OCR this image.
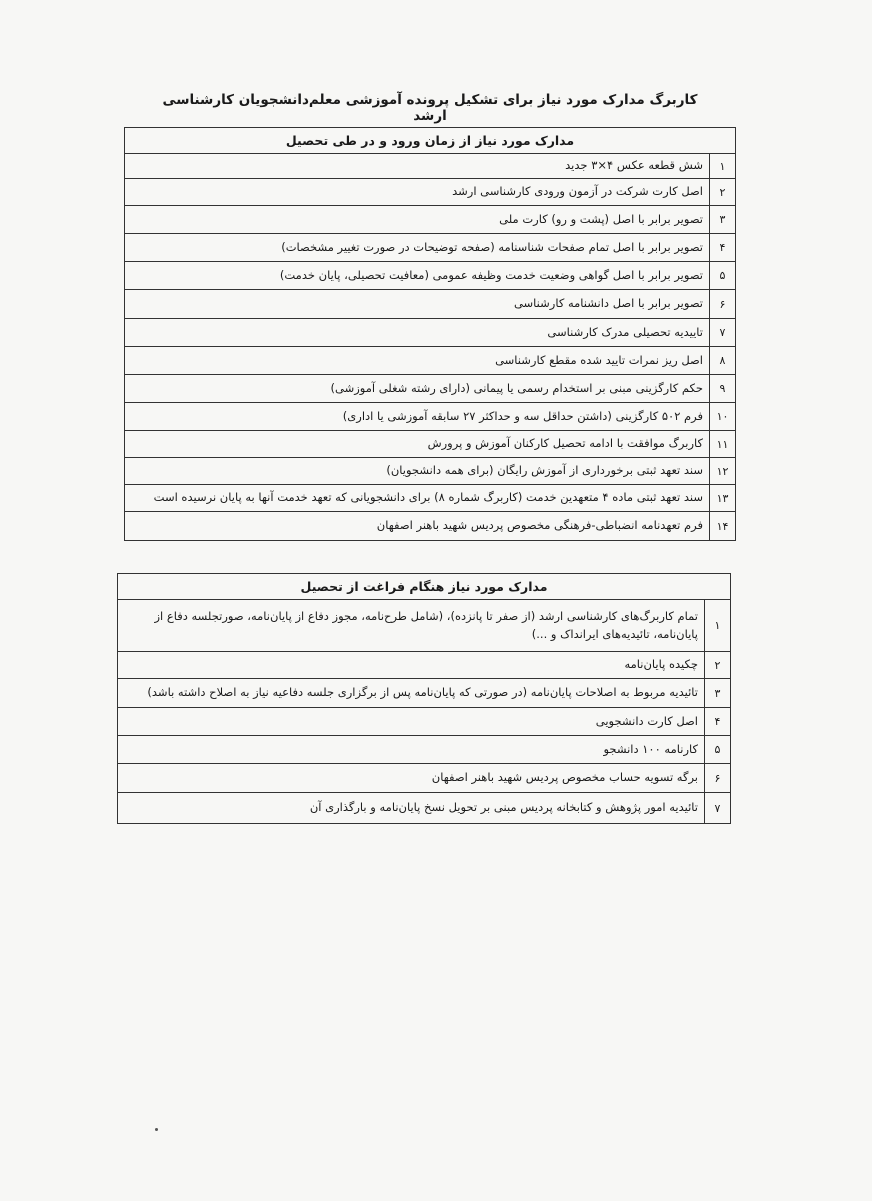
کاربرگ مدارک مورد نیاز برای تشکیل پرونده آموزشی معلم‌دانشجویان کارشناسی ارشد
مدارک مورد نیاز از زمان ورود و در طی تحصیل
۱
شش قطعه عکس ۴×۳ جدید
۲
اصل کارت شرکت در آزمون ورودی کارشناسی ارشد
۳
تصویر برابر با اصل (پشت و رو) کارت ملی
۴
تصویر برابر با اصل تمام صفحات شناسنامه (صفحه توضیحات در صورت تغییر مشخصات)
۵
تصویر برابر با اصل گواهی وضعیت خدمت وظیفه عمومی (معافیت تحصیلی، پایان خدمت)
۶
تصویر برابر با اصل دانشنامه کارشناسی
۷
تاییدیه تحصیلی مدرک کارشناسی
۸
اصل ریز نمرات تایید شده مقطع کارشناسی
۹
حکم کارگزینی مبنی بر استخدام رسمی یا پیمانی (دارای رشته شغلی آموزشی)
۱۰
فرم ۵۰۲ کارگزینی (داشتن حداقل سه و حداکثر ۲۷ سابقه آموزشی یا اداری)
۱۱
کاربرگ موافقت با ادامه تحصیل کارکنان آموزش و پرورش
۱۲
سند تعهد ثبتی برخورداری از آموزش رایگان (برای همه دانشجویان)
۱۳
سند تعهد ثبتی ماده ۴ متعهدین خدمت (کاربرگ شماره ۸) برای دانشجویانی که تعهد خدمت آنها به پایان نرسیده است
۱۴
فرم تعهدنامه انضباطی-فرهنگی مخصوص پردیس شهید باهنر اصفهان
مدارک مورد نیاز هنگام فراغت از تحصیل
۱
تمام کاربرگ‌های کارشناسی ارشد (از صفر تا پانزده)، (شامل طرح‌نامه، مجوز دفاع از پایان‌نامه، صورتجلسه دفاع از پایان‌نامه، تائیدیه‌های ایرانداک و ...)
۲
چکیده پایان‌نامه
۳
تائیدیه مربوط به اصلاحات پایان‌نامه (در صورتی که پایان‌نامه پس از برگزاری جلسه دفاعیه نیاز به اصلاح داشته باشد)
۴
اصل کارت دانشجویی
۵
کارنامه ۱۰۰ دانشجو
۶
برگه تسویه حساب مخصوص پردیس شهید باهنر اصفهان
۷
تائیدیه امور پژوهش و کتابخانه پردیس مبنی بر تحویل نسخ پایان‌نامه و بارگذاری آن
